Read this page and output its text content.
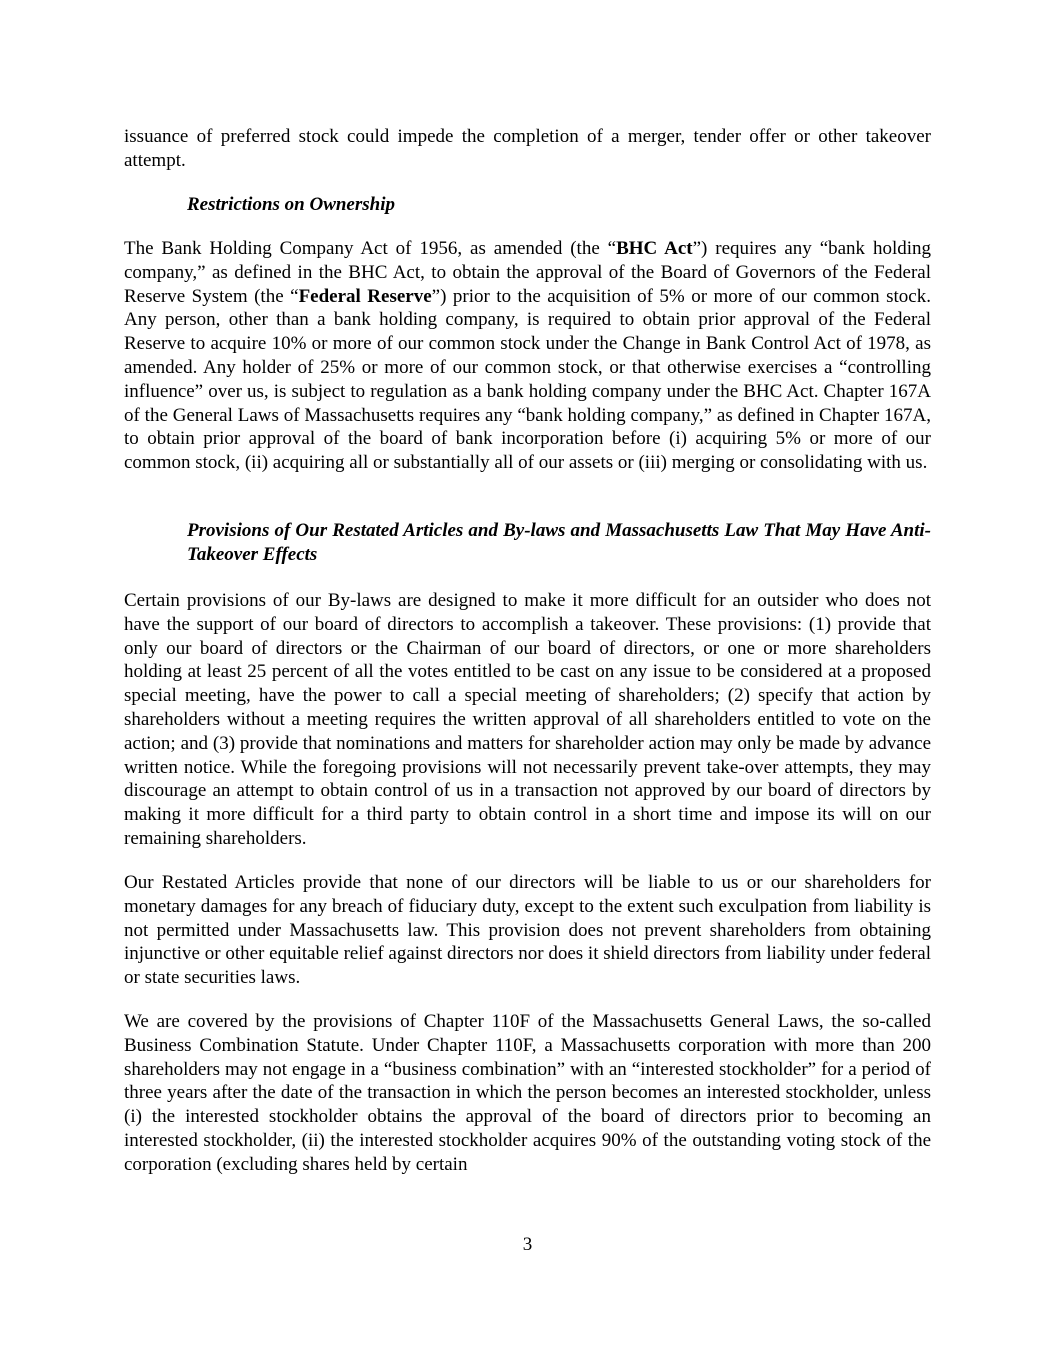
issuance of preferred stock could impede the completion of a merger, tender offer or other takeover attempt.

Restrictions on Ownership

The Bank Holding Company Act of 1956, as amended (the “BHC Act”) requires any “bank holding company,” as defined in the BHC Act, to obtain the approval of the Board of Governors of the Federal Reserve System (the “Federal Reserve”) prior to the acquisition of 5% or more of our common stock. Any person, other than a bank holding company, is required to obtain prior approval of the Federal Reserve to acquire 10% or more of our common stock under the Change in Bank Control Act of 1978, as amended. Any holder of 25% or more of our common stock, or that otherwise exercises a “controlling influence” over us, is subject to regulation as a bank holding company under the BHC Act. Chapter 167A of the General Laws of Massachusetts requires any “bank holding company,” as defined in Chapter 167A, to obtain prior approval of the board of bank incorporation before (i) acquiring 5% or more of our common stock, (ii) acquiring all or substantially all of our assets or (iii) merging or consolidating with us.

Provisions of Our Restated Articles and By-laws and Massachusetts Law That May Have Anti-Takeover Effects

Certain provisions of our By-laws are designed to make it more difficult for an outsider who does not have the support of our board of directors to accomplish a takeover. These provisions: (1) provide that only our board of directors or the Chairman of our board of directors, or one or more shareholders holding at least 25 percent of all the votes entitled to be cast on any issue to be considered at a proposed special meeting, have the power to call a special meeting of shareholders; (2) specify that action by shareholders without a meeting requires the written approval of all shareholders entitled to vote on the action; and (3) provide that nominations and matters for shareholder action may only be made by advance written notice. While the foregoing provisions will not necessarily prevent take-over attempts, they may discourage an attempt to obtain control of us in a transaction not approved by our board of directors by making it more difficult for a third party to obtain control in a short time and impose its will on our remaining shareholders.

Our Restated Articles provide that none of our directors will be liable to us or our shareholders for monetary damages for any breach of fiduciary duty, except to the extent such exculpation from liability is not permitted under Massachusetts law. This provision does not prevent shareholders from obtaining injunctive or other equitable relief against directors nor does it shield directors from liability under federal or state securities laws.

We are covered by the provisions of Chapter 110F of the Massachusetts General Laws, the so-called Business Combination Statute. Under Chapter 110F, a Massachusetts corporation with more than 200 shareholders may not engage in a “business combination” with an “interested stockholder” for a period of three years after the date of the transaction in which the person becomes an interested stockholder, unless (i) the interested stockholder obtains the approval of the board of directors prior to becoming an interested stockholder, (ii) the interested stockholder acquires 90% of the outstanding voting stock of the corporation (excluding shares held by certain

3
